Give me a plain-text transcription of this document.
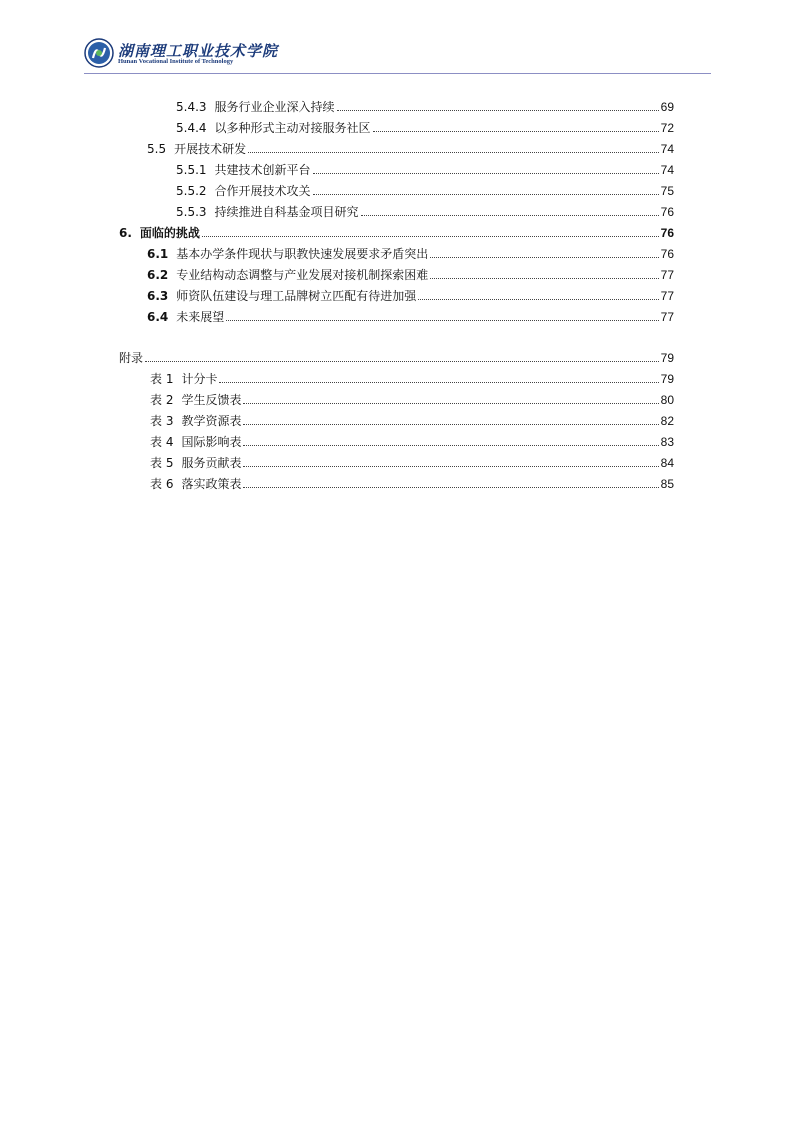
湖南理工职业技术学院
Hunan Vocational Institute of Technology
5.4.3 服务行业企业深入持续	69
5.4.4 以多种形式主动对接服务社区	72
5.5 开展技术研发	74
5.5.1 共建技术创新平台	74
5.5.2 合作开展技术攻关	75
5.5.3 持续推进自科基金项目研究	76
6. 面临的挑战	76
6.1 基本办学条件现状与职教快速发展要求矛盾突出	76
6.2 专业结构动态调整与产业发展对接机制探索困难	77
6.3 师资队伍建设与理工品牌树立匹配有待进加强	77
6.4 未来展望	77
附录	79
表 1 计分卡	79
表 2 学生反馈表	80
表 3 教学资源表	82
表 4 国际影响表	83
表 5 服务贡献表	84
表 6 落实政策表	85
